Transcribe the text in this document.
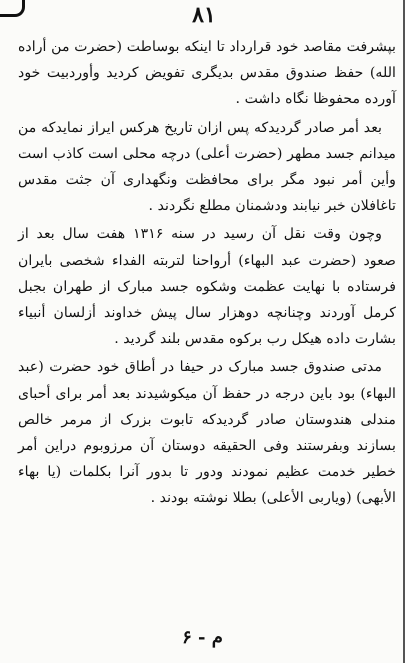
۸۱

بپشرفت مقاصد خود قرارداد تا اینکه بوساطت (حضرت من أراده الله) حفظ صندوق مقدس بدیگری تفویض کردید وأوردبیت خود آورده محفوظا نگاه داشت .

بعد أمر صادر گردیدکه پس ازان تاریخ هرکس ایراز نمایدکه من میدانم جسد مطهر (حضرت أعلی) درچه محلی است کاذب است وأین أمر نبود مگر برای محافظت ونگهداری آن جثت مقدس تاغافلان خبر نیابند ودشمنان مطلع نگردند .

وچون وقت نقل آن رسید در سنه ۱۳۱۶ هفت سال بعد از صعود (حضرت عبد البهاء) أرواحنا لتربته الفداء شخصی بایران فرستاده با نهایت عظمت وشکوه جسد مبارک از طهران بجبل کرمل آوردند وچنانچه دوهزار سال پیش خداوند أزلسان أنبیاء بشارت داده هیکل رب برکوه مقدس بلند گردید .

مدتی صندوق جسد مبارک در حیفا در أطاق خود حضرت (عبد البهاء) بود باین درجه در حفظ آن میکوشیدند بعد أمر برای أحبای مندلی هندوستان صادر گردیدکه تابوت بزرک از مرمر خالص بسازند وبفرستند وفی الحقیقه دوستان آن مرزوبوم دراین أمر خطیر خدمت عظیم نمودند ودور تا بدور آنرا بکلمات (یا بهاء الأبهی) (ویاربی الأعلی) بطلا نوشته بودند .

م - ۶
